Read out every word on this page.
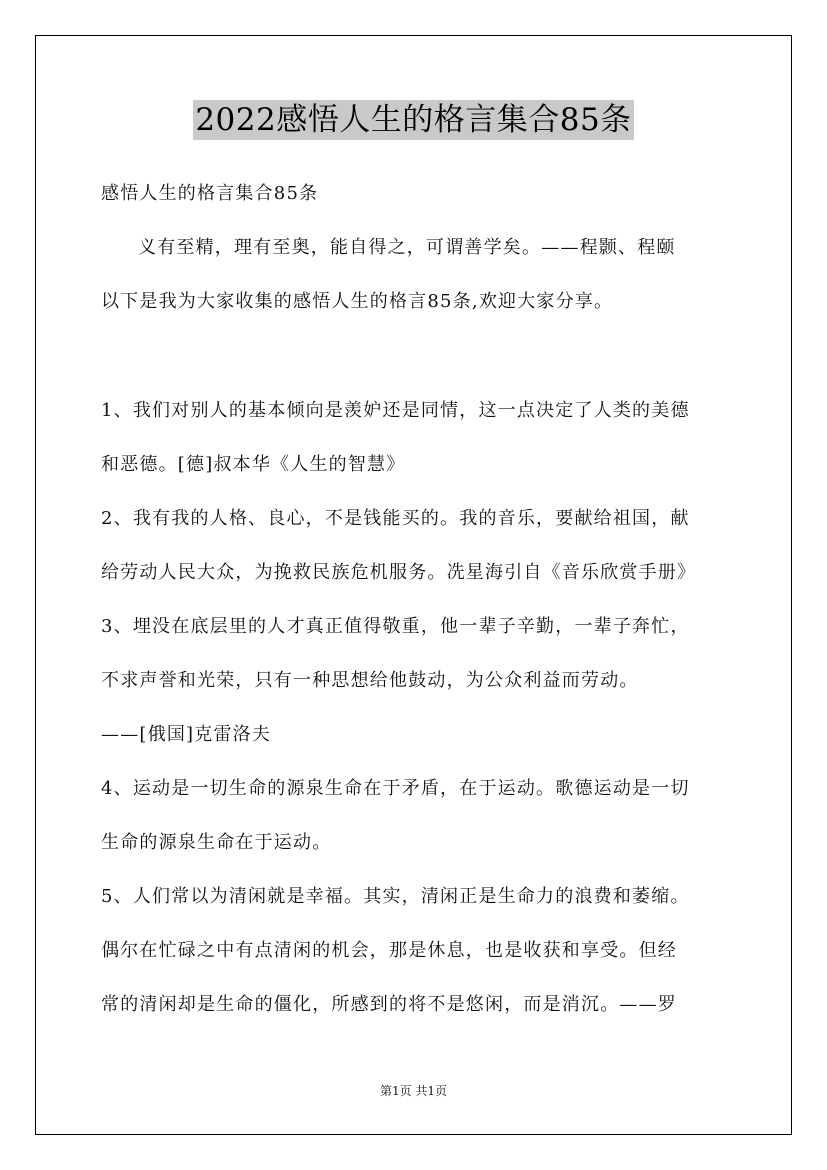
2022感悟人生的格言集合85条
感悟人生的格言集合85条
义有至精，理有至奥，能自得之，可谓善学矣。——程颢、程颐
以下是我为大家收集的感悟人生的格言85条,欢迎大家分享。
1、我们对别人的基本倾向是羡妒还是同情，这一点决定了人类的美德
和恶德。[德]叔本华《人生的智慧》
2、我有我的人格、良心，不是钱能买的。我的音乐，要献给祖国，献
给劳动人民大众，为挽救民族危机服务。冼星海引自《音乐欣赏手册》
3、埋没在底层里的人才真正值得敬重，他一辈子辛勤，一辈子奔忙，
不求声誉和光荣，只有一种思想给他鼓动，为公众利益而劳动。
——[俄国]克雷洛夫
4、运动是一切生命的源泉生命在于矛盾，在于运动。歌德运动是一切
生命的源泉生命在于运动。
5、人们常以为清闲就是幸福。其实，清闲正是生命力的浪费和萎缩。
偶尔在忙碌之中有点清闲的机会，那是休息，也是收获和享受。但经
常的清闲却是生命的僵化，所感到的将不是悠闲，而是消沉。——罗
第1页 共1页
